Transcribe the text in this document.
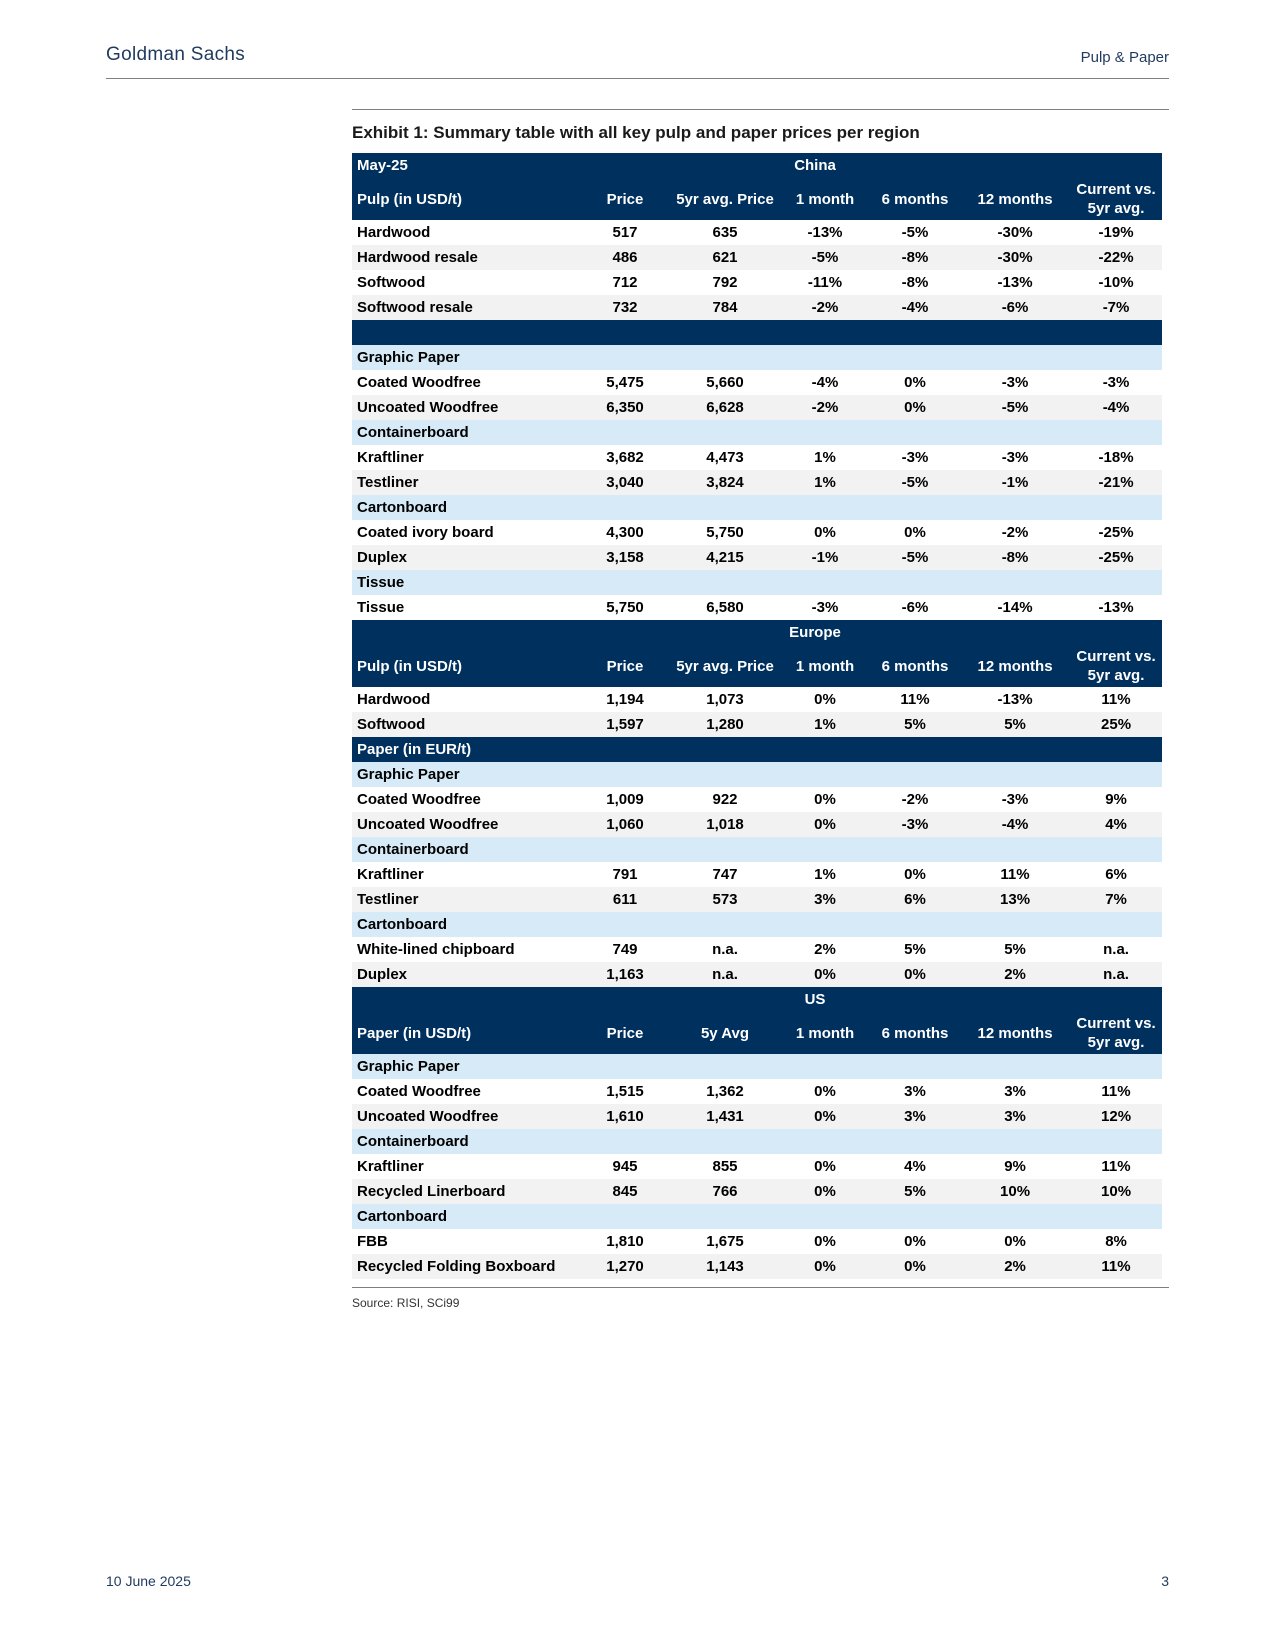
Goldman Sachs	Pulp & Paper
Exhibit 1: Summary table with all key pulp and paper prices per region
May-25		China				
Pulp (in USD/t)	Price	5yr avg. Price	1 month	6 months	12 months	Current vs.
5yr avg.
Hardwood	517	635	-13%	-5%	-30%	-19%
Hardwood resale	486	621	-5%	-8%	-30%	-22%
Softwood	712	792	-11%	-8%	-13%	-10%
Softwood resale	732	784	-2%	-4%	-6%	-7%

Graphic Paper						
Coated Woodfree	5,475	5,660	-4%	0%	-3%	-3%
Uncoated Woodfree	6,350	6,628	-2%	0%	-5%	-4%
Containerboard						
Kraftliner	3,682	4,473	1%	-3%	-3%	-18%
Testliner	3,040	3,824	1%	-5%	-1%	-21%
Cartonboard						
Coated ivory board	4,300	5,750	0%	0%	-2%	-25%
Duplex	3,158	4,215	-1%	-5%	-8%	-25%
Tissue						
Tissue	5,750	6,580	-3%	-6%	-14%	-13%
		Europe				
Pulp (in USD/t)	Price	5yr avg. Price	1 month	6 months	12 months	Current vs.
5yr avg.
Hardwood	1,194	1,073	0%	11%	-13%	11%
Softwood	1,597	1,280	1%	5%	5%	25%
Paper (in EUR/t)						
Graphic Paper						
Coated Woodfree	1,009	922	0%	-2%	-3%	9%
Uncoated Woodfree	1,060	1,018	0%	-3%	-4%	4%
Containerboard						
Kraftliner	791	747	1%	0%	11%	6%
Testliner	611	573	3%	6%	13%	7%
Cartonboard						
White-lined chipboard	749	n.a.	2%	5%	5%	n.a.
Duplex	1,163	n.a.	0%	0%	2%	n.a.
		US				
Paper (in USD/t)	Price	5y Avg	1 month	6 months	12 months	Current vs.
5yr avg.
Graphic Paper						
Coated Woodfree	1,515	1,362	0%	3%	3%	11%
Uncoated Woodfree	1,610	1,431	0%	3%	3%	12%
Containerboard						
Kraftliner	945	855	0%	4%	9%	11%
Recycled Linerboard	845	766	0%	5%	10%	10%
Cartonboard						
FBB	1,810	1,675	0%	0%	0%	8%
Recycled Folding Boxboard	1,270	1,143	0%	0%	2%	11%
Source: RISI, SCi99
10 June 2025	3
